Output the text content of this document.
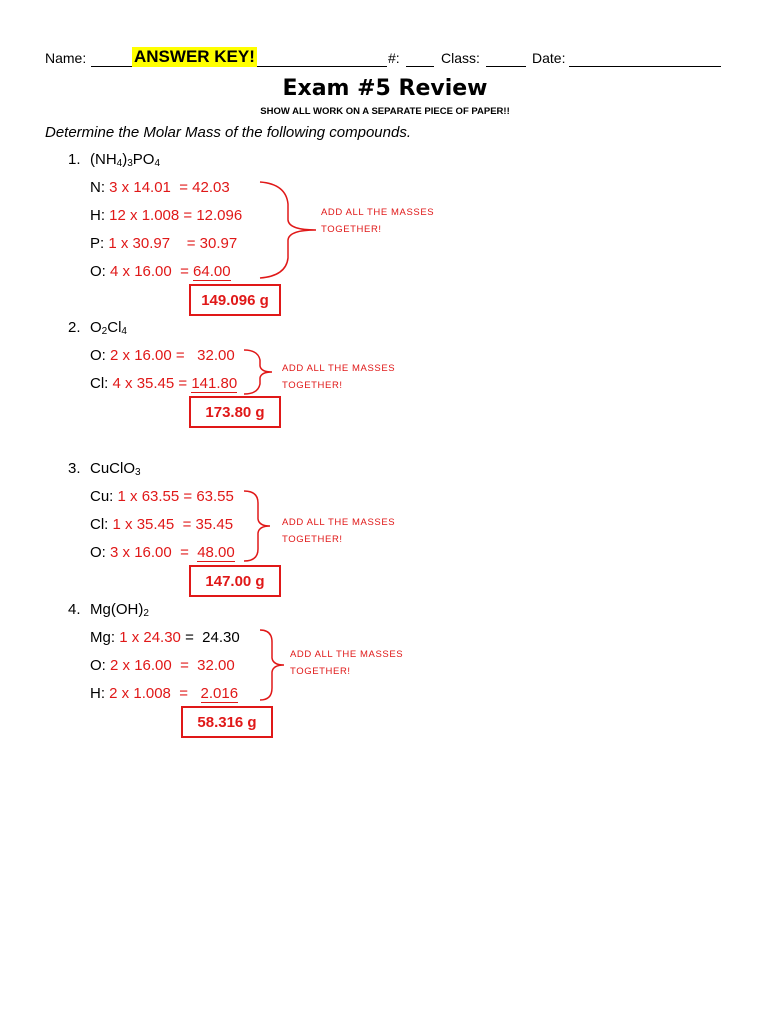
Name:	ANSWER KEY!	#:	Class:	Date:
Exam #5 Review
SHOW ALL WORK ON A SEPARATE PIECE OF PAPER!!
Determine the Molar Mass of the following compounds.
1. $(NH_4)_3PO_4$
N: 3 x 14.01 = 42.03
H: 12 x 1.008 = 12.096
P: 1 x 30.97 = 30.97
O: 4 x 16.00 = 64.00
ADD ALL THE MASSES
TOGETHER!
149.096 g
2. $O_2Cl_4$
O: 2 x 16.00 =   32.00
Cl: 4 x 35.45 = 141.80
ADD ALL THE MASSES
TOGETHER!
173.80 g
3. CuClO$_3$
Cu: 1 x 63.55 = 63.55
Cl: 1 x 35.45 = 35.45
O: 3 x 16.00 =  48.00
ADD ALL THE MASSES
TOGETHER!
147.00 g
4. $Mg(OH)_2$
Mg: 1 x 24.30 =  24.30
O: 2 x 16.00 =  32.00
H: 2 x 1.008 =   2.016
ADD ALL THE MASSES
TOGETHER!
58.316 g
